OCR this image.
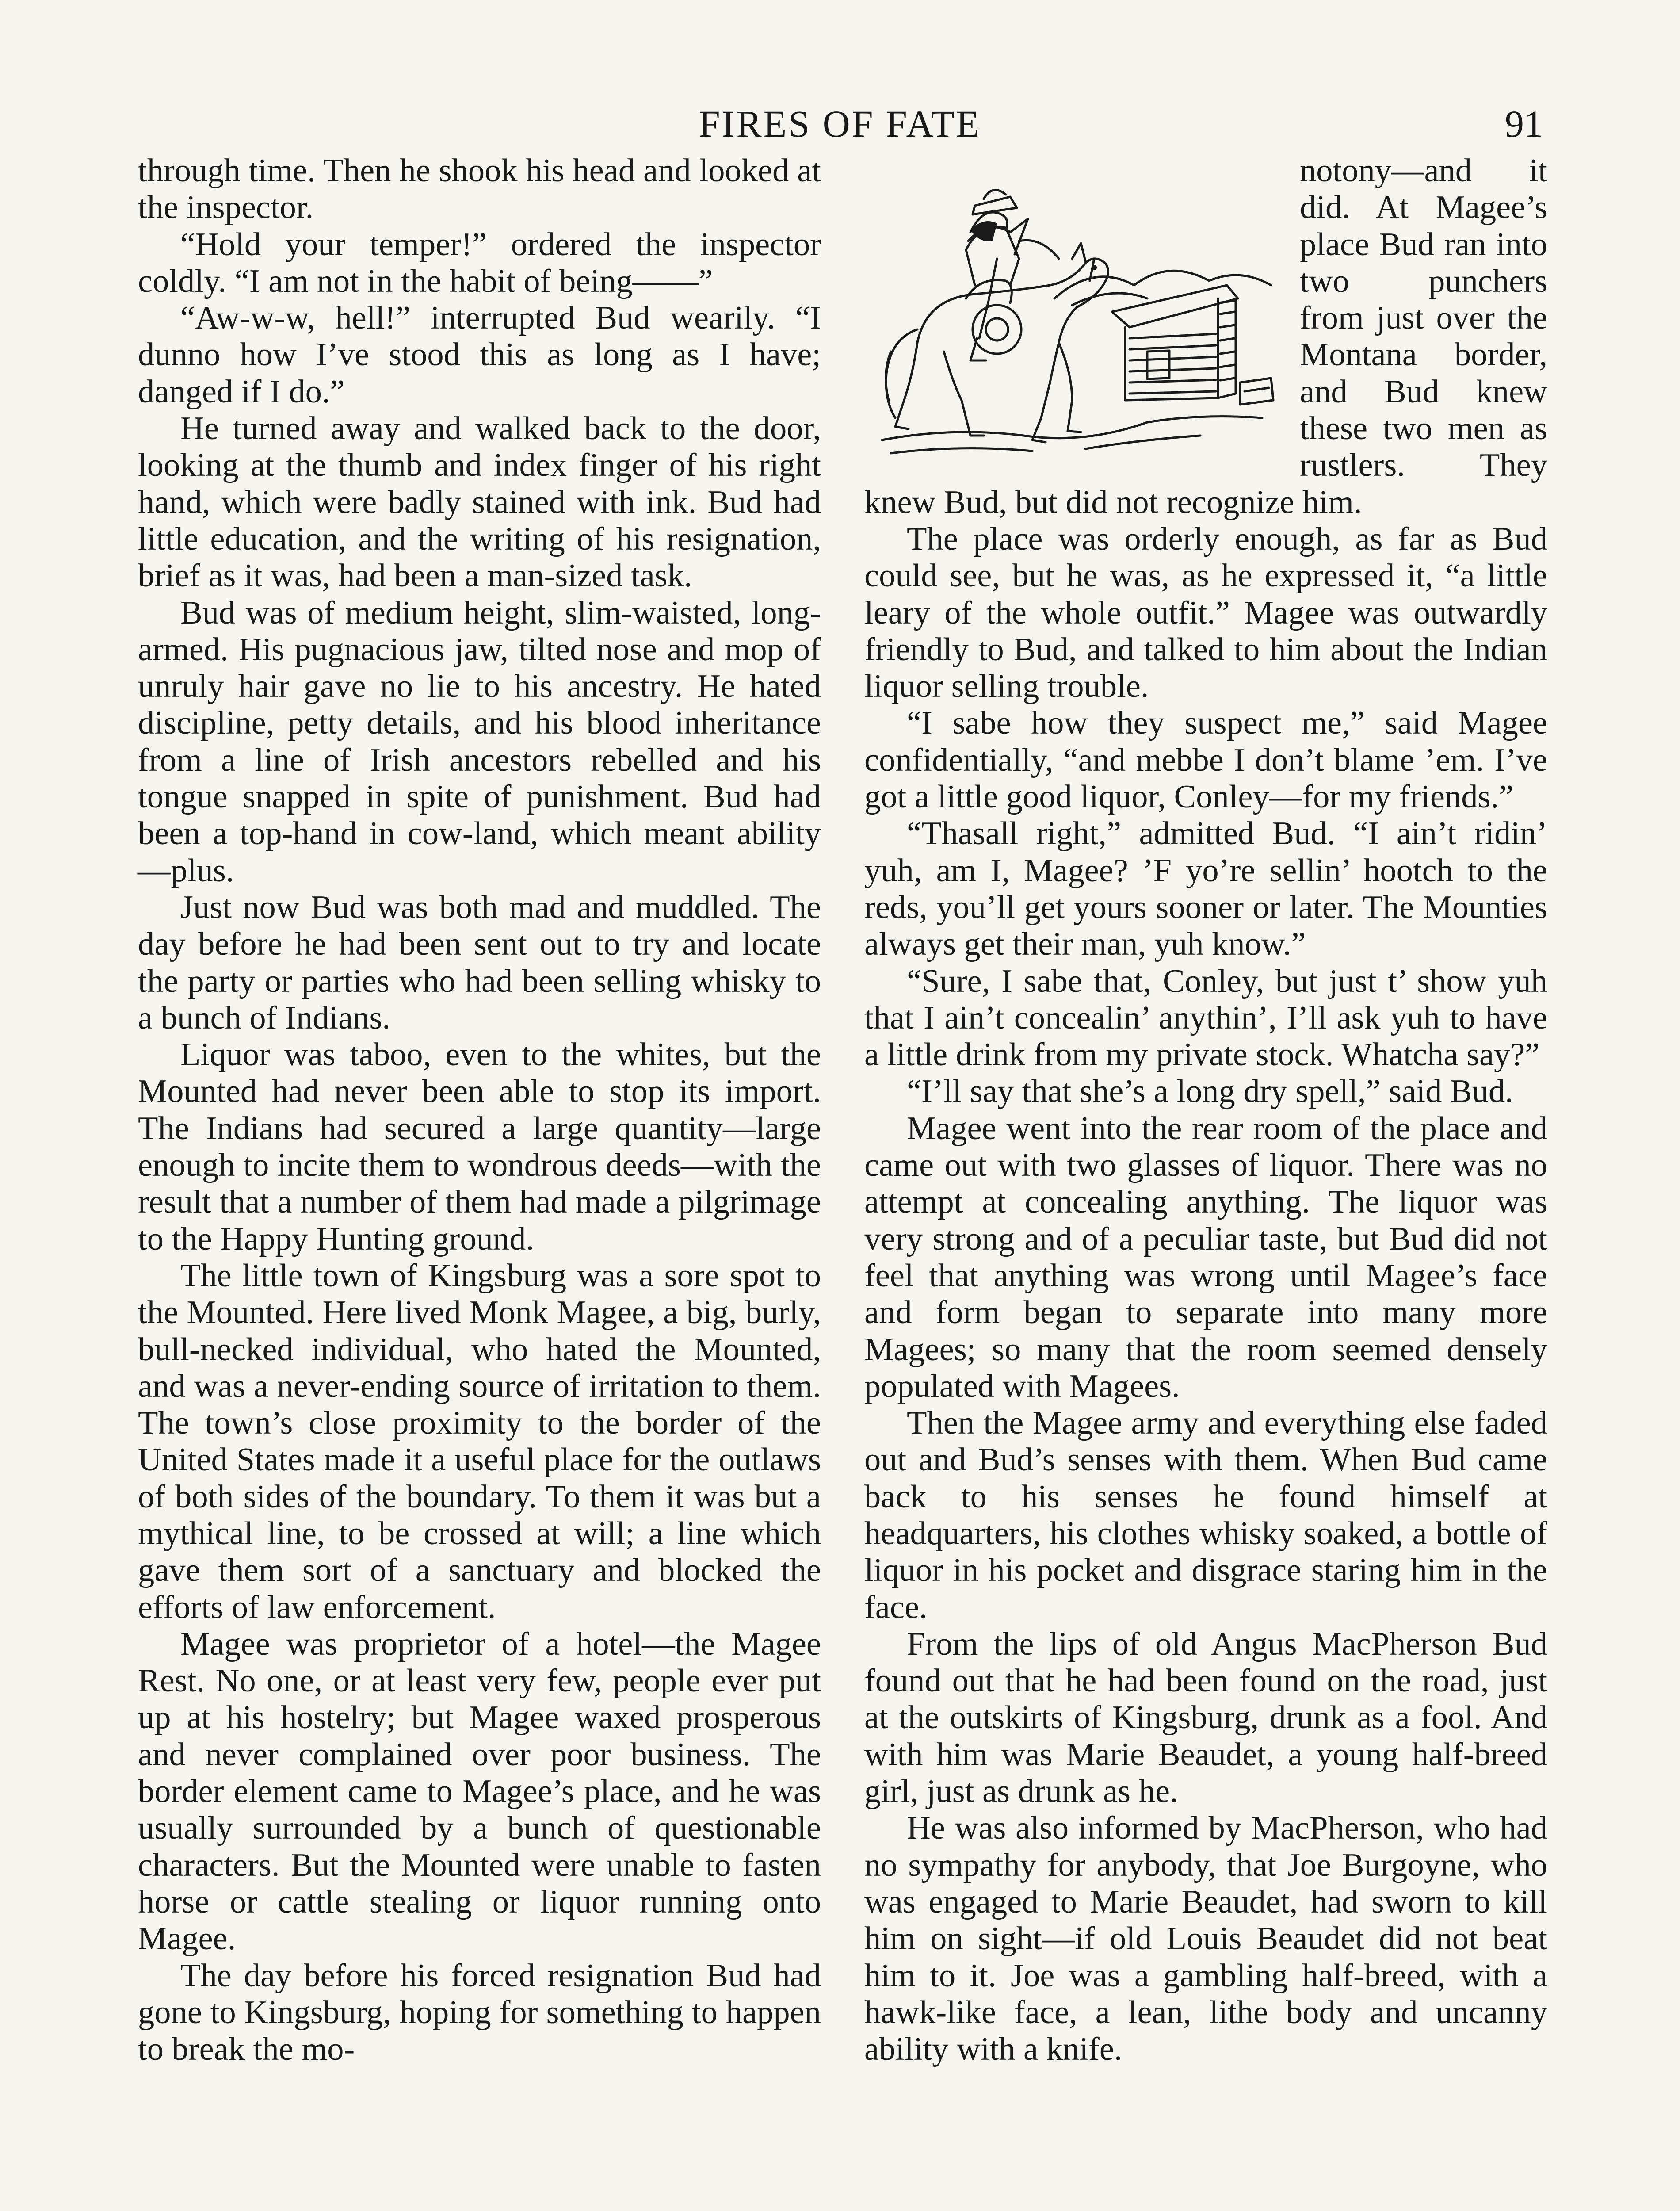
FIRES OF FATE	91

through time. Then he shook his head and looked at the inspector.

“Hold your temper!” ordered the inspector coldly. “I am not in the habit of being——”

“Aw-w-w, hell!” interrupted Bud wearily. “I dunno how I’ve stood this as long as I have; danged if I do.”

He turned away and walked back to the door, looking at the thumb and index finger of his right hand, which were badly stained with ink. Bud had little education, and the writing of his resignation, brief as it was, had been a man-sized task.

Bud was of medium height, slim-waisted, long-armed. His pugnacious jaw, tilted nose and mop of unruly hair gave no lie to his ancestry. He hated discipline, petty details, and his blood inheritance from a line of Irish ancestors rebelled and his tongue snapped in spite of punishment. Bud had been a top-hand in cow-land, which meant ability—plus.

Just now Bud was both mad and muddled. The day before he had been sent out to try and locate the party or parties who had been selling whisky to a bunch of Indians.

Liquor was taboo, even to the whites, but the Mounted had never been able to stop its import. The Indians had secured a large quantity—large enough to incite them to wondrous deeds—with the result that a number of them had made a pilgrimage to the Happy Hunting ground.

The little town of Kingsburg was a sore spot to the Mounted. Here lived Monk Magee, a big, burly, bull-necked individual, who hated the Mounted, and was a never-ending source of irritation to them. The town’s close proximity to the border of the United States made it a useful place for the outlaws of both sides of the boundary. To them it was but a mythical line, to be crossed at will; a line which gave them sort of a sanctuary and blocked the efforts of law enforcement.

Magee was proprietor of a hotel—the Magee Rest. No one, or at least very few, people ever put up at his hostelry; but Magee waxed prosperous and never complained over poor business. The border element came to Magee’s place, and he was usually surrounded by a bunch of questionable characters. But the Mounted were unable to fasten horse or cattle stealing or liquor running onto Magee.

The day before his forced resignation Bud had gone to Kingsburg, hoping for something to happen to break the mo-

notony—and it did. At Magee’s place Bud ran into two punchers from just over the Montana border, and Bud knew these two men as rustlers. They knew Bud, but did not recognize him.

The place was orderly enough, as far as Bud could see, but he was, as he expressed it, “a little leary of the whole outfit.” Magee was outwardly friendly to Bud, and talked to him about the Indian liquor selling trouble.

“I sabe how they suspect me,” said Magee confidentially, “and mebbe I don’t blame ’em. I’ve got a little good liquor, Conley—for my friends.”

“Thasall right,” admitted Bud. “I ain’t ridin’ yuh, am I, Magee? ’F yo’re sellin’ hootch to the reds, you’ll get yours sooner or later. The Mounties always get their man, yuh know.”

“Sure, I sabe that, Conley, but just t’ show yuh that I ain’t concealin’ anythin’, I’ll ask yuh to have a little drink from my private stock. Whatcha say?”

“I’ll say that she’s a long dry spell,” said Bud.

Magee went into the rear room of the place and came out with two glasses of liquor. There was no attempt at concealing anything. The liquor was very strong and of a peculiar taste, but Bud did not feel that anything was wrong until Magee’s face and form began to separate into many more Magees; so many that the room seemed densely populated with Magees.

Then the Magee army and everything else faded out and Bud’s senses with them. When Bud came back to his senses he found himself at headquarters, his clothes whisky soaked, a bottle of liquor in his pocket and disgrace staring him in the face.

From the lips of old Angus MacPherson Bud found out that he had been found on the road, just at the outskirts of Kingsburg, drunk as a fool. And with him was Marie Beaudet, a young half-breed girl, just as drunk as he.

He was also informed by MacPherson, who had no sympathy for anybody, that Joe Burgoyne, who was engaged to Marie Beaudet, had sworn to kill him on sight—if old Louis Beaudet did not beat him to it. Joe was a gambling half-breed, with a hawk-like face, a lean, lithe body and uncanny ability with a knife.
